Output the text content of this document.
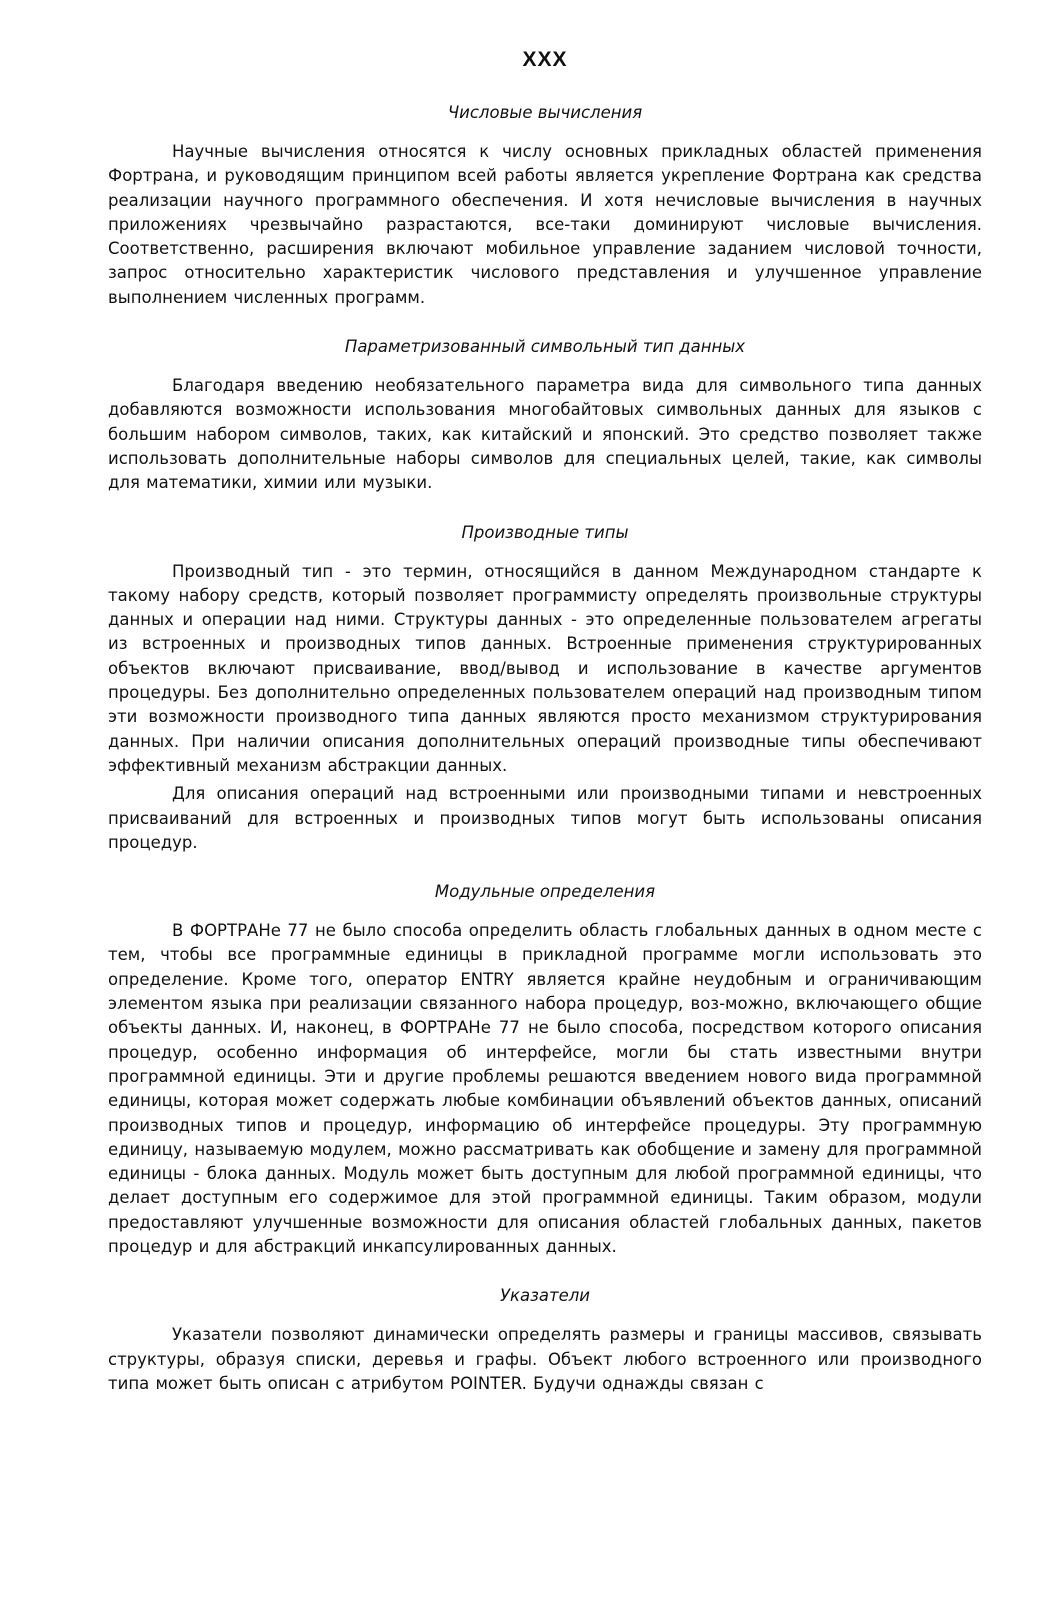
XXX
Числовые вычисления

Научные вычисления относятся к числу основных прикладных областей применения Фортрана, и руководящим принципом всей работы является укрепление Фортрана как средства реализации научного программного обеспечения. И хотя нечисловые вычисления в научных приложениях чрезвычайно разрастаются, все-таки доминируют числовые вычисления. Соответственно, расширения включают мобильное управление заданием числовой точности, запрос относительно характеристик числового представления и улучшенное управление выполнением численных программ.

Параметризованный символьный тип данных

Благодаря введению необязательного параметра вида для символьного типа данных добавляются возможности использования многобайтовых символьных данных для языков с большим набором символов, таких, как китайский и японский. Это средство позволяет также использовать дополнительные наборы символов для специальных целей, такие, как символы для математики, химии или музыки.

Производные типы

Производный тип - это термин, относящийся в данном Международном стандарте к такому набору средств, который позволяет программисту определять произвольные структуры данных и операции над ними. Структуры данных - это определенные пользователем агрегаты из встроенных и производных типов данных. Встроенные применения структурированных объектов включают присваивание, ввод/вывод и использование в качестве аргументов процедуры. Без дополнительно определенных пользователем операций над производным типом эти возможности производного типа данных являются просто механизмом структурирования данных. При наличии описания дополнительных операций производные типы обеспечивают эффективный механизм абстракции данных.

Для описания операций над встроенными или производными типами и невстроенных присваиваний для встроенных и производных типов могут быть использованы описания процедур.

Модульные определения

В ФОРТРАНе 77 не было способа определить область глобальных данных в одном месте с тем, чтобы все программные единицы в прикладной программе могли использовать это определение. Кроме того, оператор ENTRY является крайне неудобным и ограничивающим элементом языка при реализации связанного набора процедур, воз-можно, включающего общие объекты данных. И, наконец, в ФОРТРАНе 77 не было способа, посредством которого описания процедур, особенно информация об интерфейсе, могли бы стать известными внутри программной единицы. Эти и другие проблемы решаются введением нового вида программной единицы, которая может содержать любые комбинации объявлений объектов данных, описаний производных типов и процедур, информацию об интерфейсе процедуры. Эту программную единицу, называемую модулем, можно рассматривать как обобщение и замену для программной единицы - блока данных. Модуль может быть доступным для любой программной единицы, что делает доступным его содержимое для этой программной единицы. Таким образом, модули предоставляют улучшенные возможности для описания областей глобальных данных, пакетов процедур и для абстракций инкапсулированных данных.

Указатели

Указатели позволяют динамически определять размеры и границы массивов, связывать структуры, образуя списки, деревья и графы. Объект любого встроенного или производного типа может быть описан с атрибутом POINTER. Будучи однажды связан с
